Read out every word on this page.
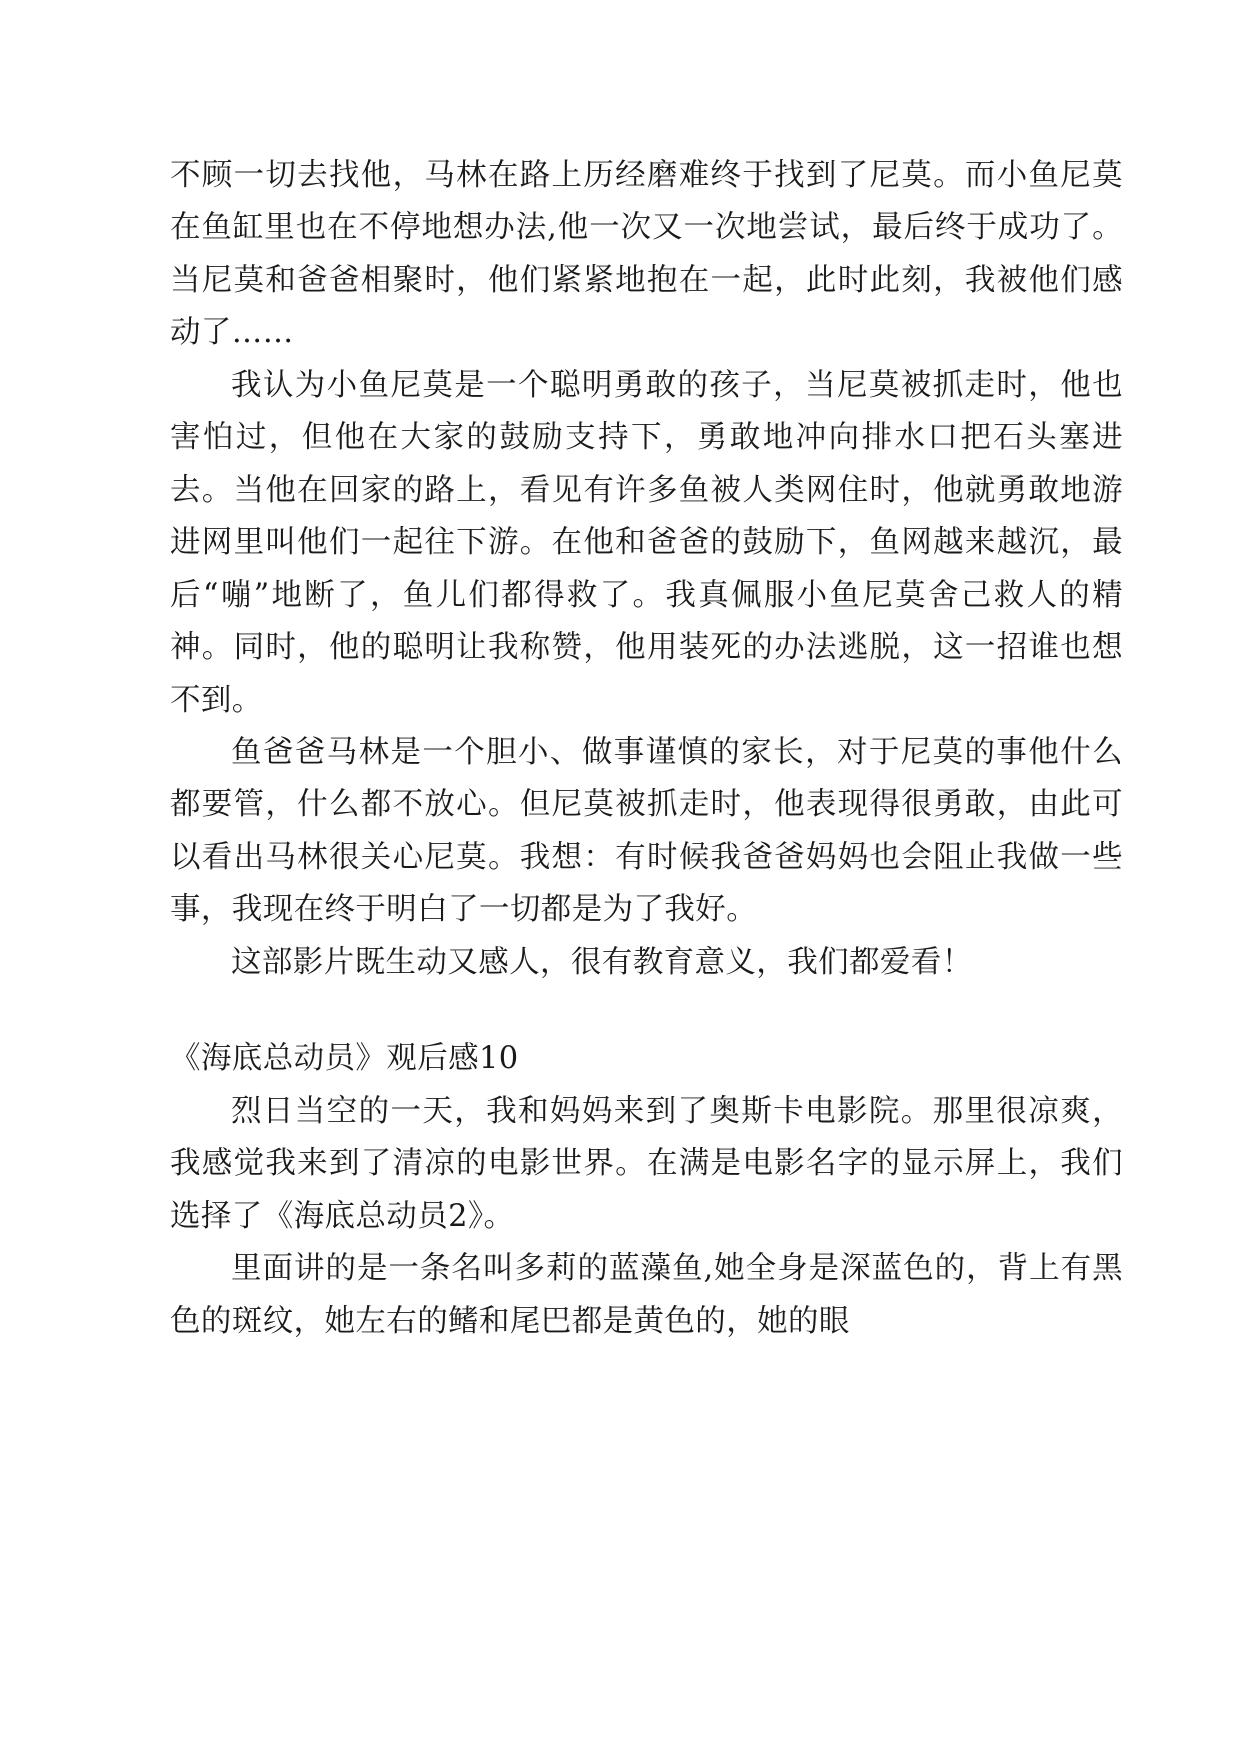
不顾一切去找他，马林在路上历经磨难终于找到了尼莫。而小鱼尼莫在鱼缸里也在不停地想办法,他一次又一次地尝试，最后终于成功了。当尼莫和爸爸相聚时，他们紧紧地抱在一起，此时此刻，我被他们感动了……

我认为小鱼尼莫是一个聪明勇敢的孩子，当尼莫被抓走时，他也害怕过，但他在大家的鼓励支持下，勇敢地冲向排水口把石头塞进去。当他在回家的路上，看见有许多鱼被人类网住时，他就勇敢地游进网里叫他们一起往下游。在他和爸爸的鼓励下，鱼网越来越沉，最后“嘣”地断了，鱼儿们都得救了。我真佩服小鱼尼莫舍己救人的精神。同时，他的聪明让我称赞，他用装死的办法逃脱，这一招谁也想不到。

鱼爸爸马林是一个胆小、做事谨慎的家长，对于尼莫的事他什么都要管，什么都不放心。但尼莫被抓走时，他表现得很勇敢，由此可以看出马林很关心尼莫。我想：有时候我爸爸妈妈也会阻止我做一些事，我现在终于明白了一切都是为了我好。

这部影片既生动又感人，很有教育意义，我们都爱看！

《海底总动员》观后感10

烈日当空的一天，我和妈妈来到了奥斯卡电影院。那里很凉爽，我感觉我来到了清凉的电影世界。在满是电影名字的显示屏上，我们选择了《海底总动员2》。

里面讲的是一条名叫多莉的蓝藻鱼,她全身是深蓝色的，背上有黑色的斑纹，她左右的鳍和尾巴都是黄色的，她的眼
